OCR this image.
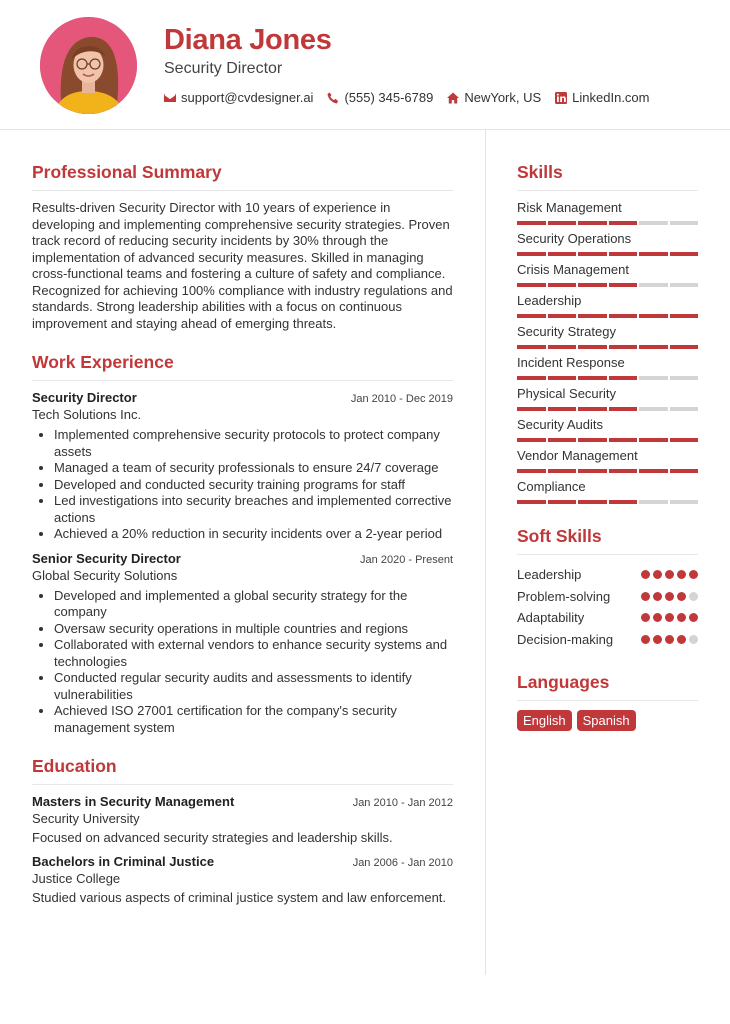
Diana Jones
Security Director
support@cvdesigner.ai (555) 345-6789 NewYork, US LinkedIn.com
Professional Summary
Results-driven Security Director with 10 years of experience in developing and implementing comprehensive security strategies. Proven track record of reducing security incidents by 30% through the implementation of advanced security measures. Skilled in managing cross-functional teams and fostering a culture of safety and compliance. Recognized for achieving 100% compliance with industry regulations and standards. Strong leadership abilities with a focus on continuous improvement and staying ahead of emerging threats.
Work Experience
Security Director	Jan 2010 - Dec 2019
Tech Solutions Inc.
• Implemented comprehensive security protocols to protect company assets
• Managed a team of security professionals to ensure 24/7 coverage
• Developed and conducted security training programs for staff
• Led investigations into security breaches and implemented corrective actions
• Achieved a 20% reduction in security incidents over a 2-year period
Senior Security Director	Jan 2020 - Present
Global Security Solutions
• Developed and implemented a global security strategy for the company
• Oversaw security operations in multiple countries and regions
• Collaborated with external vendors to enhance security systems and technologies
• Conducted regular security audits and assessments to identify vulnerabilities
• Achieved ISO 27001 certification for the company's security management system
Education
Masters in Security Management	Jan 2010 - Jan 2012
Security University
Focused on advanced security strategies and leadership skills.
Bachelors in Criminal Justice	Jan 2006 - Jan 2010
Justice College
Studied various aspects of criminal justice system and law enforcement.
Skills
Risk Management
Security Operations
Crisis Management
Leadership
Security Strategy
Incident Response
Physical Security
Security Audits
Vendor Management
Compliance
Soft Skills
Leadership
Problem-solving
Adaptability
Decision-making
Languages
English	Spanish
